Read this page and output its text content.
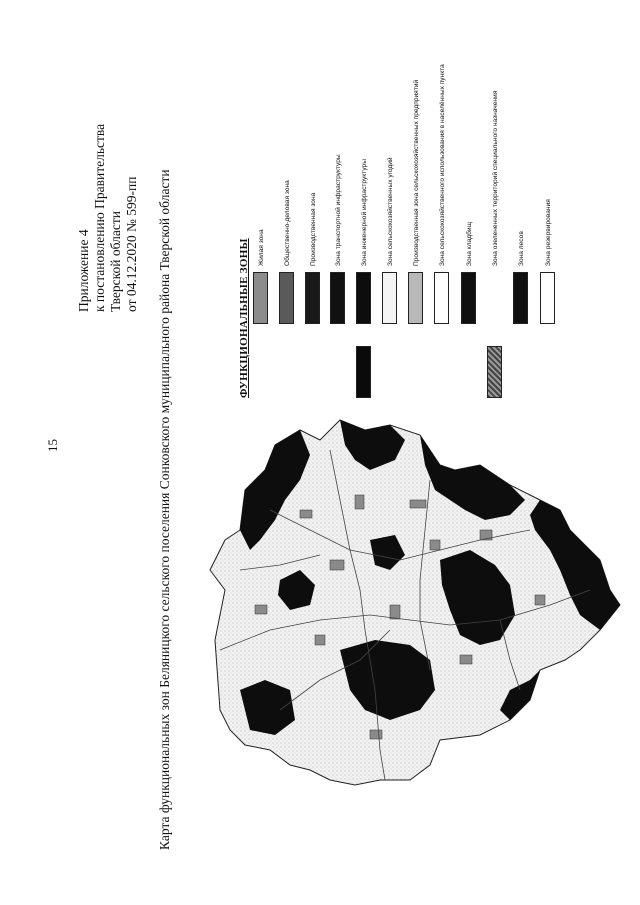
15
Приложение 4 к постановлению Правительства Тверской области от 04.12.2020 № 599-пп Карта функциональных зон Беляницкого сельского поселения Сонковского муниципального района Тверской области	ФУНКЦИОНАЛЬНЫЕ ЗОНЫ Жилая зона	Общественно-деловая зона	Производственная зона	Зона транспортной инфраструктуры	Зона инженерной инфраструктуры	Зона сельскохозяйственных угодий	Производственная зона сельскохозяйственных предприятий	Зона сельскохозяйственного использования в населённых пункта	Зона кладбищ	Зона озелененных территорий специального назначения	Зона лесов	Зона резервирования
